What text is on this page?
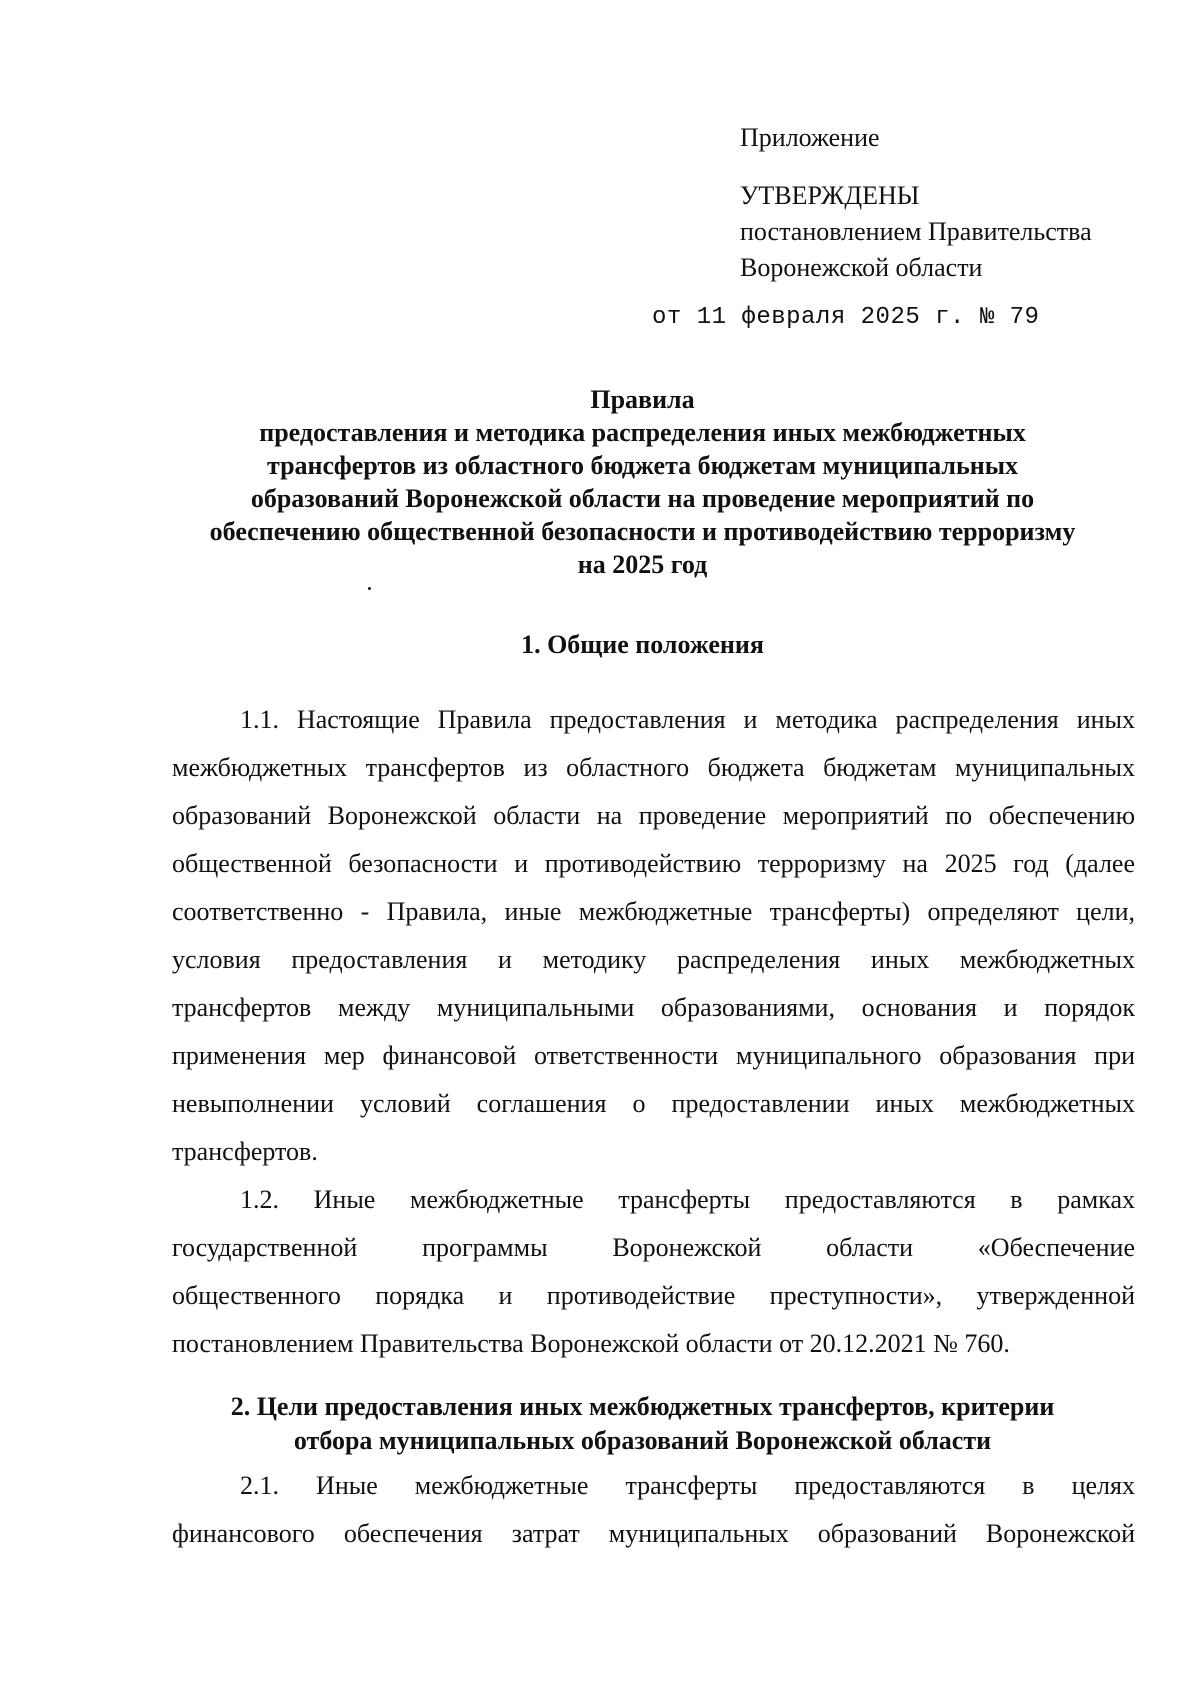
Приложение
УТВЕРЖДЕНЫ
постановлением Правительства
Воронежской области
от 11 февраля 2025 г. № 79
Правила
предоставления и методика распределения иных межбюджетных
трансфертов из областного бюджета бюджетам муниципальных
образований Воронежской области на проведение мероприятий по
обеспечению общественной безопасности и противодействию терроризму
на 2025 год
1. Общие положения
1.1. Настоящие Правила предоставления и методика распределения иных
межбюджетных трансфертов из областного бюджета бюджетам муниципальных
образований Воронежской области на проведение мероприятий по обеспечению
общественной безопасности и противодействию терроризму на 2025 год (далее
соответственно - Правила, иные межбюджетные трансферты) определяют цели,
условия предоставления и методику распределения иных межбюджетных
трансфертов между муниципальными образованиями, основания и порядок
применения мер финансовой ответственности муниципального образования при
невыполнении условий соглашения о предоставлении иных межбюджетных
трансфертов.
1.2. Иные межбюджетные трансферты предоставляются в рамках
государственной программы Воронежской области «Обеспечение
общественного порядка и противодействие преступности», утвержденной
постановлением Правительства Воронежской области от 20.12.2021 № 760.
2. Цели предоставления иных межбюджетных трансфертов, критерии
отбора муниципальных образований Воронежской области
2.1. Иные межбюджетные трансферты предоставляются в целях
финансового обеспечения затрат муниципальных образований Воронежской
